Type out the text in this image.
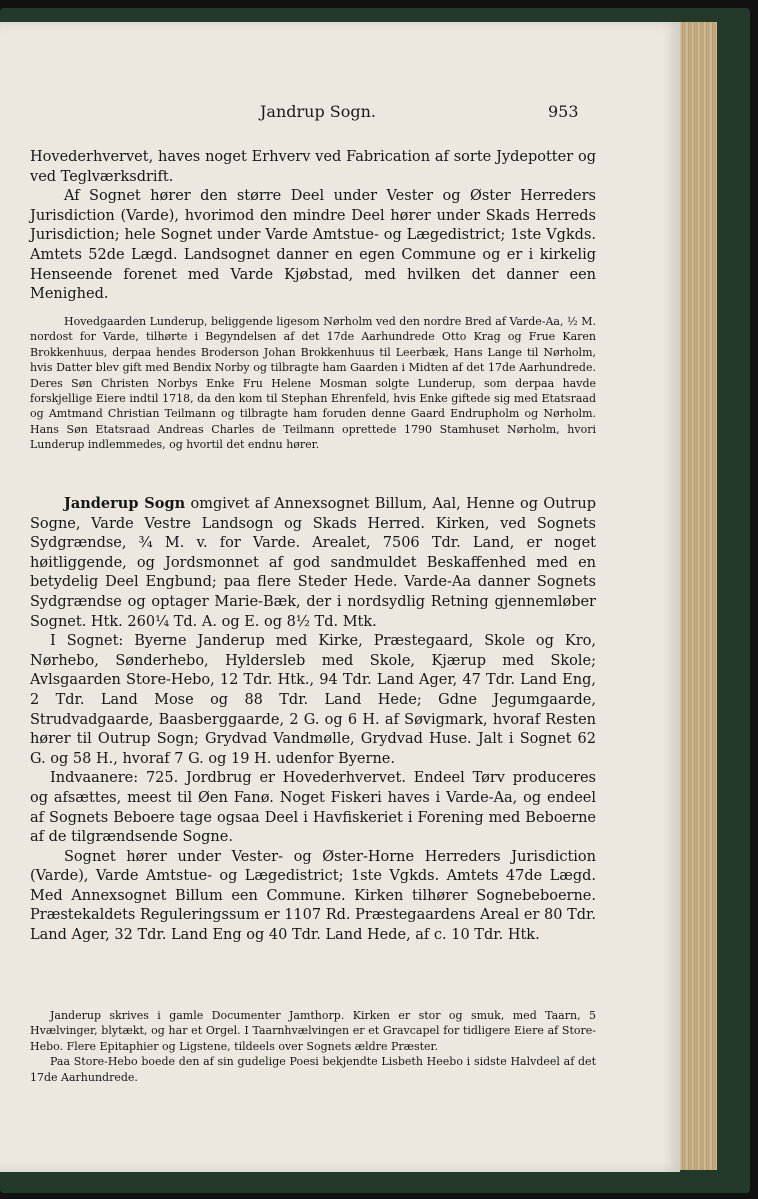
Jandrup Sogn.	953

Hovederhvervet, haves noget Erhverv ved Fabrication af sorte Jydepotter og ved Teglværksdrift.

Af Sognet hører den større Deel under Vester og Øster Herreders Jurisdiction (Varde), hvorimod den mindre Deel hører under Skads Herreds Jurisdiction; hele Sognet under Varde Amtstue- og Lægedistrict; 1ste Vgkds. Amtets 52de Lægd. Landsognet danner en egen Commune og er i kirkelig Henseende forenet med Varde Kjøbstad, med hvilken det danner een Menighed.

Hovedgaarden Lunderup, beliggende ligesom Nørholm ved den nordre Bred af Varde-Aa, ½ M. nordost for Varde, tilhørte i Begyndelsen af det 17de Aarhundrede Otto Krag og Frue Karen Brokkenhuus, derpaa hendes Broderson Johan Brokkenhuus til Leerbæk, Hans Lange til Nørholm, hvis Datter blev gift med Bendix Norby og tilbragte ham Gaarden i Midten af det 17de Aarhundrede. Deres Søn Christen Norbys Enke Fru Helene Mosman solgte Lunderup, som derpaa havde forskjellige Eiere indtil 1718, da den kom til Stephan Ehrenfeld, hvis Enke giftede sig med Etatsraad og Amtmand Christian Teilmann og tilbragte ham foruden denne Gaard Endrupholm og Nørholm. Hans Søn Etatsraad Andreas Charles de Teilmann oprettede 1790 Stamhuset Nørholm, hvori Lunderup indlemmedes, og hvortil det endnu hører.

Janderup Sogn omgivet af Annexsognet Billum, Aal, Henne og Outrup Sogne, Varde Vestre Landsogn og Skads Herred. Kirken, ved Sognets Sydgrændse, ¾ M. v. for Varde. Arealet, 7506 Tdr. Land, er noget høitliggende, og Jordsmonnet af god sandmuldet Beskaffenhed med en betydelig Deel Engbund; paa flere Steder Hede. Varde-Aa danner Sognets Sydgrændse og optager Marie-Bæk, der i nordsydlig Retning gjennemløber Sognet. Htk. 260¼ Td. A. og E. og 8½ Td. Mtk.

I Sognet: Byerne Janderup med Kirke, Præstegaard, Skole og Kro, Nørhebo, Sønderhebo, Hyldersleb med Skole, Kjærup med Skole; Avlsgaarden Store-Hebo, 12 Tdr. Htk., 94 Tdr. Land Ager, 47 Tdr. Land Eng, 2 Tdr. Land Mose og 88 Tdr. Land Hede; Gdne Jegumgaarde, Strudvadgaarde, Baasberggaarde, 2 G. og 6 H. af Søvigmark, hvoraf Resten hører til Outrup Sogn; Grydvad Vandmølle, Grydvad Huse. Jalt i Sognet 62 G. og 58 H., hvoraf 7 G. og 19 H. udenfor Byerne.

Indvaanere: 725. Jordbrug er Hovederhvervet. Endeel Tørv produceres og afsættes, meest til Øen Fanø. Noget Fiskeri haves i Varde-Aa, og endeel af Sognets Beboere tage ogsaa Deel i Havfiskeriet i Forening med Beboerne af de tilgrændsende Sogne.

Sognet hører under Vester- og Øster-Horne Herreders Jurisdiction (Varde), Varde Amtstue- og Lægedistrict; 1ste Vgkds. Amtets 47de Lægd. Med Annexsognet Billum een Commune. Kirken tilhører Sognebeboerne. Præstekaldets Reguleringssum er 1107 Rd. Præstegaardens Areal er 80 Tdr. Land Ager, 32 Tdr. Land Eng og 40 Tdr. Land Hede, af c. 10 Tdr. Htk.

Janderup skrives i gamle Documenter Jamthorp. Kirken er stor og smuk, med Taarn, 5 Hvælvinger, blytækt, og har et Orgel. I Taarnhvælvingen er et Gravcapel for tidligere Eiere af Store-Hebo. Flere Epitaphier og Ligstene, tildeels over Sognets ældre Præster.

Paa Store-Hebo boede den af sin gudelige Poesi bekjendte Lisbeth Heebo i sidste Halvdeel af det 17de Aarhundrede.
